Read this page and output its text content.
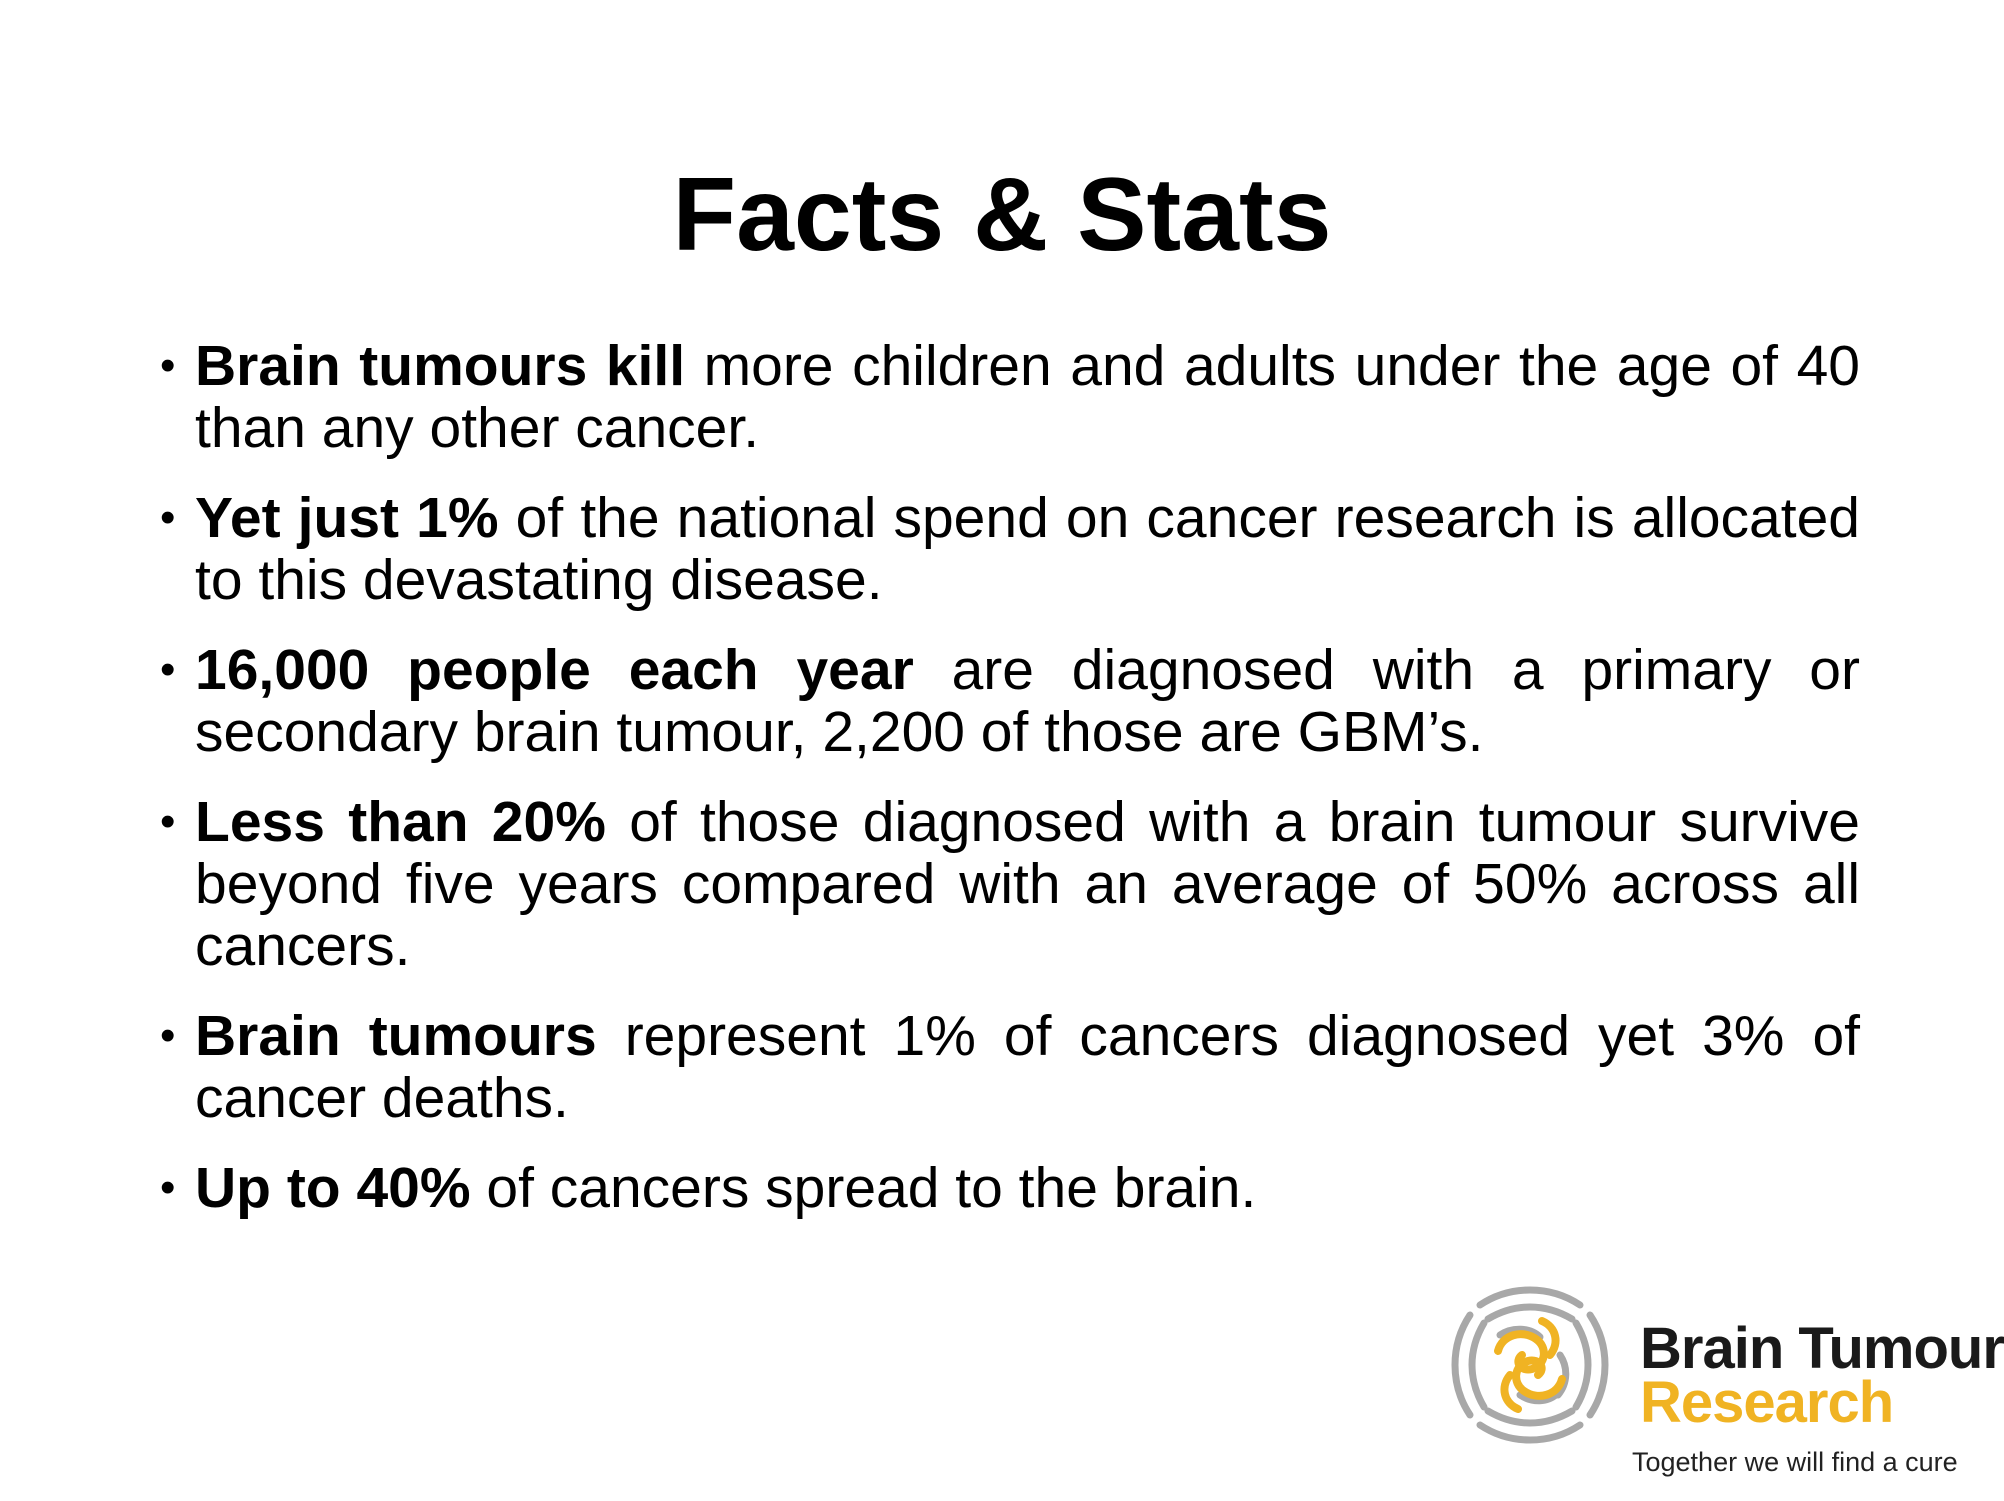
Facts & Stats
• Brain tumours kill more children and adults under the age of 40 than any other cancer.
• Yet just 1% of the national spend on cancer research is allocated to this devastating disease.
• 16,000 people each year are diagnosed with a primary or secondary brain tumour, 2,200 of those are GBM’s.
• Less than 20% of those diagnosed with a brain tumour survive beyond five years compared with an average of 50% across all cancers.
• Brain tumours represent 1% of cancers diagnosed yet 3% of cancer deaths.
• Up to 40% of cancers spread to the brain.
Brain Tumour
Research
Together we will find a cure
